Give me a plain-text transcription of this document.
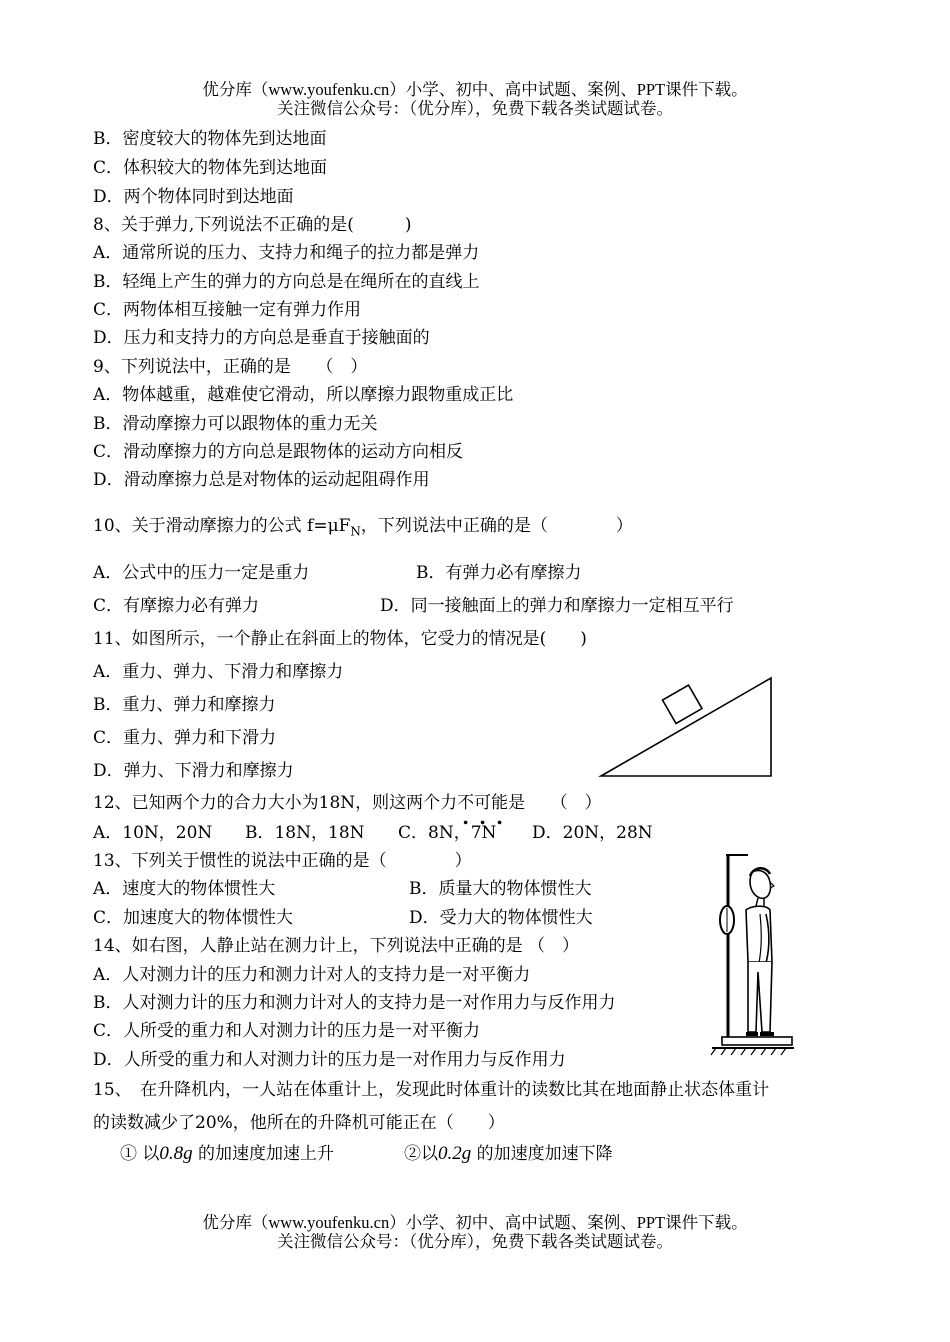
优分库（www.youfenku.cn）小学、初中、高中试题、案例、PPT课件下载。
关注微信公众号：（优分库），免费下载各类试题试卷。
B．密度较大的物体先到达地面
C．体积较大的物体先到达地面
D．两个物体同时到达地面
8、关于弹力,下列说法不正确的是(　　　)
A．通常所说的压力、支持力和绳子的拉力都是弹力
B．轻绳上产生的弹力的方向总是在绳所在的直线上
C．两物体相互接触一定有弹力作用
D．压力和支持力的方向总是垂直于接触面的
9、下列说法中，正确的是　　（　）
A．物体越重，越难使它滑动，所以摩擦力跟物重成正比
B．滑动摩擦力可以跟物体的重力无关
C．滑动摩擦力的方向总是跟物体的运动方向相反
D．滑动摩擦力总是对物体的运动起阻碍作用
10、关于滑动摩擦力的公式 $f=\mu F_N$，下列说法中正确的是（　　　　）
A．公式中的压力一定是重力	B．有弹力必有摩擦力
C．有摩擦力必有弹力	D．同一接触面上的弹力和摩擦力一定相互平行
11、如图所示，一个静止在斜面上的物体，它受力的情况是(　　)
A．重力、弹力、下滑力和摩擦力
B．重力、弹力和摩擦力
C．重力、弹力和下滑力
D．弹力、下滑力和摩擦力
12、已知两个力的合力大小为18N，则这两个力不可能是　　（　）
A．10N，20N B．18N，18N C．8N，7N D．20N，28N
13、下列关于惯性的说法中正确的是（　　　　）
A．速度大的物体惯性大	B．质量大的物体惯性大
C．加速度大的物体惯性大	D．受力大的物体惯性大
14、如右图，人静止站在测力计上，下列说法中正确的是 （　）
A．人对测力计的压力和测力计对人的支持力是一对平衡力
B．人对测力计的压力和测力计对人的支持力是一对作用力与反作用力
C．人所受的重力和人对测力计的压力是一对平衡力
D．人所受的重力和人对测力计的压力是一对作用力与反作用力
15、　在升降机内，一人站在体重计上，发现此时体重计的读数比其在地面静止状态体重计
的读数减少了20%，他所在的升降机可能正在（　　）
① 以0.8g 的加速度加速上升	②以0.2g 的加速度加速下降
优分库（www.youfenku.cn）小学、初中、高中试题、案例、PPT课件下载。
关注微信公众号：（优分库），免费下载各类试题试卷。
